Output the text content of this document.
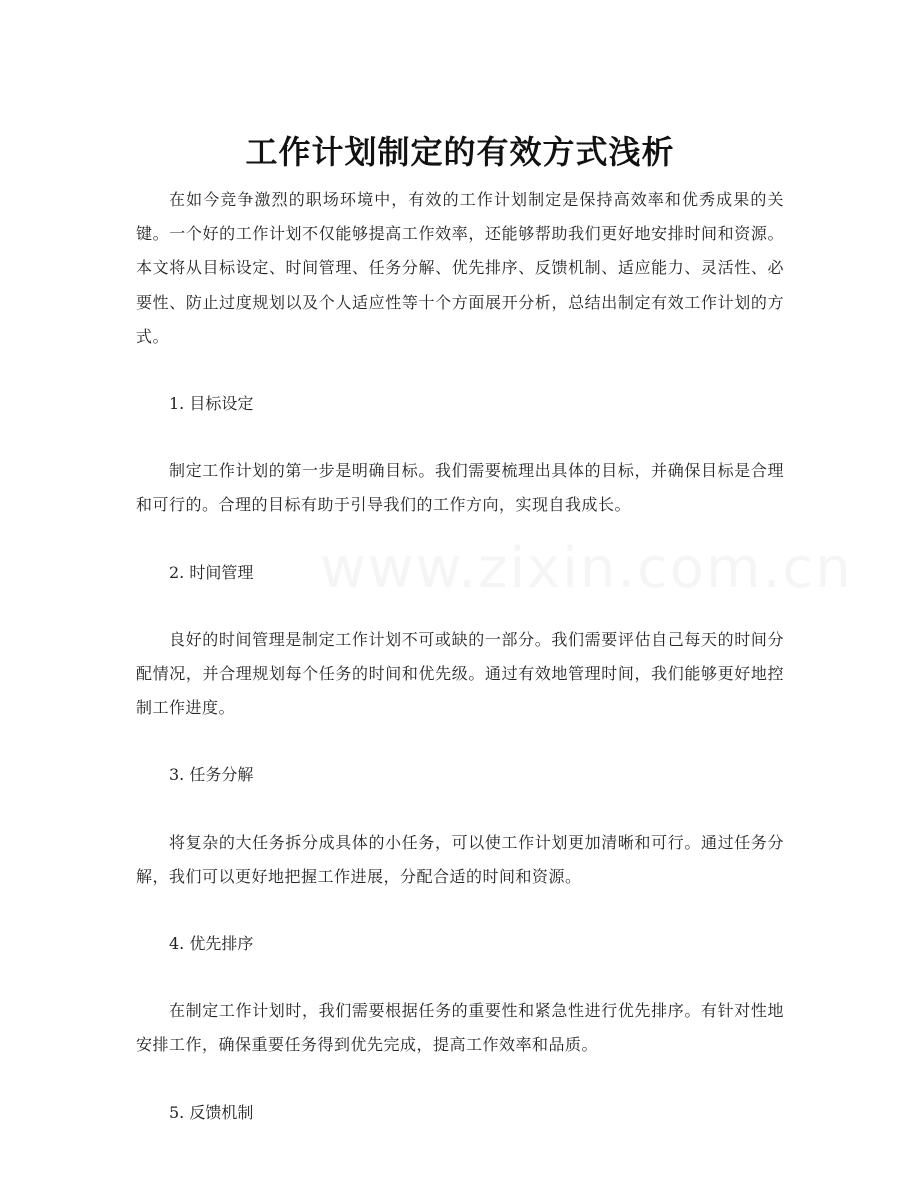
www.zixin.com.cn
工作计划制定的有效方式浅析

在如今竞争激烈的职场环境中，有效的工作计划制定是保持高效率和优秀成果的关键。一个好的工作计划不仅能够提高工作效率，还能够帮助我们更好地安排时间和资源。本文将从目标设定、时间管理、任务分解、优先排序、反馈机制、适应能力、灵活性、必要性、防止过度规划以及个人适应性等十个方面展开分析，总结出制定有效工作计划的方式。

1. 目标设定

制定工作计划的第一步是明确目标。我们需要梳理出具体的目标，并确保目标是合理和可行的。合理的目标有助于引导我们的工作方向，实现自我成长。

2. 时间管理

良好的时间管理是制定工作计划不可或缺的一部分。我们需要评估自己每天的时间分配情况，并合理规划每个任务的时间和优先级。通过有效地管理时间，我们能够更好地控制工作进度。

3. 任务分解

将复杂的大任务拆分成具体的小任务，可以使工作计划更加清晰和可行。通过任务分解，我们可以更好地把握工作进展，分配合适的时间和资源。

4. 优先排序

在制定工作计划时，我们需要根据任务的重要性和紧急性进行优先排序。有针对性地安排工作，确保重要任务得到优先完成，提高工作效率和品质。

5. 反馈机制
